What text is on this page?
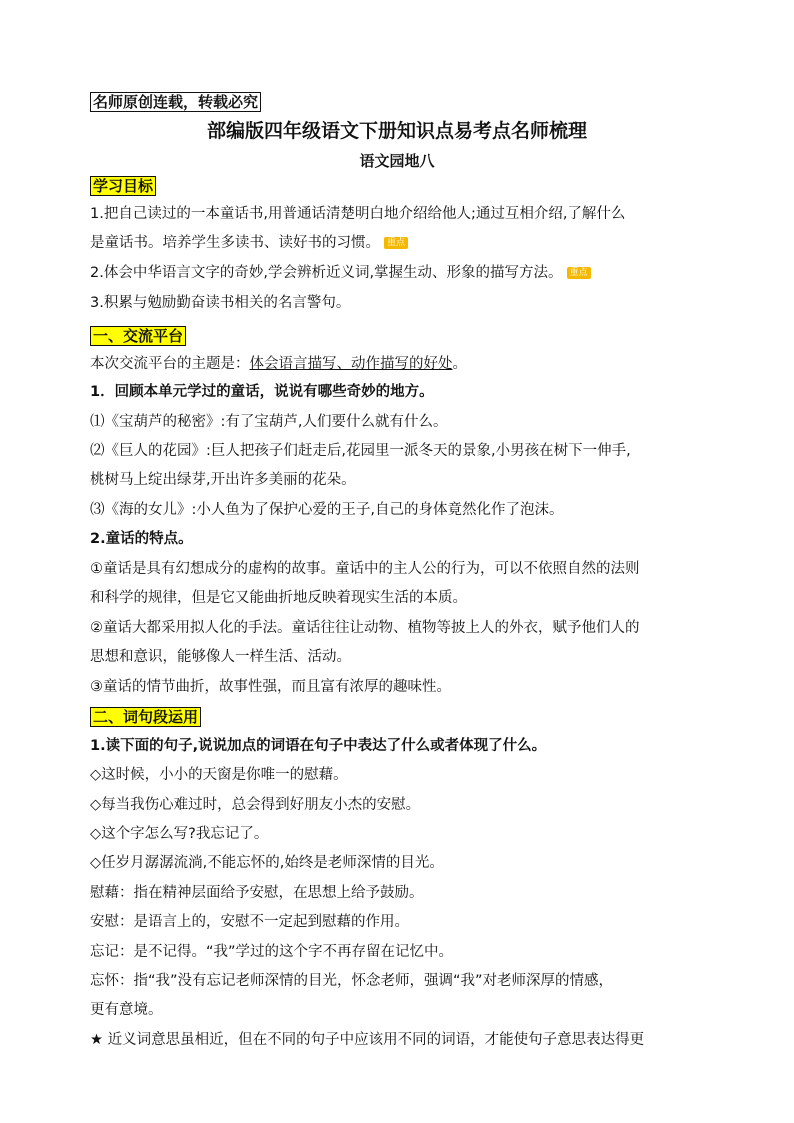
名师原创连载，转载必究
部编版四年级语文下册知识点易考点名师梳理
语文园地八
学习目标
1.把自己读过的一本童话书,用普通话清楚明白地介绍给他人;通过互相介绍,了解什么
是童话书。培养学生多读书、读好书的习惯。 重点
2.体会中华语言文字的奇妙,学会辨析近义词,掌握生动、形象的描写方法。 重点
3.积累与勉励勤奋读书相关的名言警句。
一、交流平台
本次交流平台的主题是：体会语言描写、动作描写的好处。
1．回顾本单元学过的童话，说说有哪些奇妙的地方。
⑴《宝葫芦的秘密》:有了宝葫芦,人们要什么就有什么。
⑵《巨人的花园》:巨人把孩子们赶走后,花园里一派冬天的景象,小男孩在树下一伸手,
桃树马上绽出绿芽,开出许多美丽的花朵。
⑶《海的女儿》:小人鱼为了保护心爱的王子,自己的身体竟然化作了泡沫。
2.童话的特点。
①童话是具有幻想成分的虚构的故事。童话中的主人公的行为，可以不依照自然的法则
和科学的规律，但是它又能曲折地反映着现实生活的本质。
②童话大都采用拟人化的手法。童话往往让动物、植物等披上人的外衣，赋予他们人的
思想和意识，能够像人一样生活、活动。
③童话的情节曲折，故事性强，而且富有浓厚的趣味性。
二、词句段运用
1.读下面的句子,说说加点的词语在句子中表达了什么或者体现了什么。
◇这时候，小小的天窗是你唯一的慰藉。
◇每当我伤心难过时，总会得到好朋友小杰的安慰。
◇这个字怎么写?我忘记了。
◇任岁月潺潺流淌,不能忘怀的,始终是老师深情的目光。
慰藉：指在精神层面给予安慰，在思想上给予鼓励。
安慰：是语言上的，安慰不一定起到慰藉的作用。
忘记：是不记得。“我”学过的这个字不再存留在记忆中。
忘怀：指“我”没有忘记老师深情的目光，怀念老师，强调“我”对老师深厚的情感，
更有意境。
★ 近义词意思虽相近，但在不同的句子中应该用不同的词语，才能使句子意思表达得更
